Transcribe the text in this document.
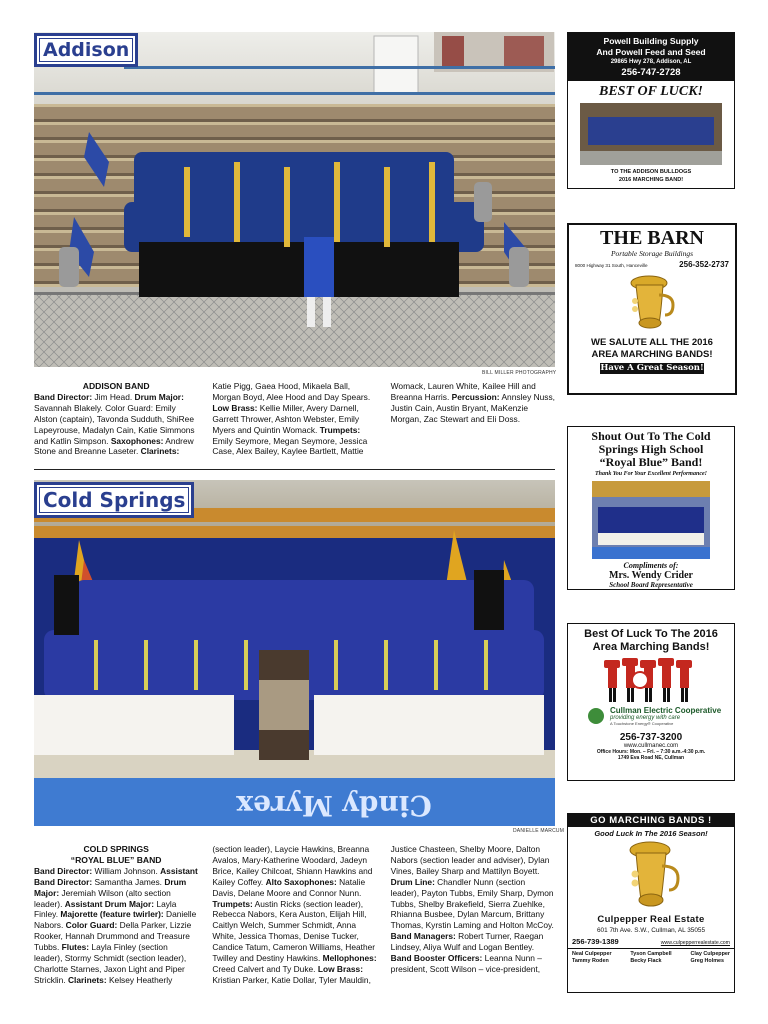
Addison
BILL MILLER PHOTOGRAPHY
ADDISON BAND
Band Director: Jim Head. Drum Major: Savannah Blakely. Color Guard: Emily Alston (captain), Tavonda Sudduth, ShiRee Lapeyrouse, Madalyn Cain, Katie Simmons and Katlin Simpson. Saxophones: Andrew Stone and Breanne Laseter. Clarinets: Katie Pigg, Gaea Hood, Mikaela Ball, Morgan Boyd, Alee Hood and Day Spears. Low Brass: Kellie Miller, Avery Darnell, Garrett Thrower, Ashton Webster, Emily Myers and Quintin Womack. Trumpets: Emily Seymore, Megan Seymore, Jessica Case, Alex Bailey, Kaylee Bartlett, Mattie Womack, Lauren White, Kailee Hill and Breanna Harris. Percussion: Annsley Nuss, Justin Cain, Austin Bryant, MaKenzie Morgan, Zac Stewart and Eli Doss.
Cindy Myrex
Cold Springs
DANIELLE MARCUM
COLD SPRINGS
“ROYAL BLUE” BAND
Band Director: William Johnson. Assistant Band Director: Samantha James. Drum Major: Jeremiah Wilson (alto section leader). Assistant Drum Major: Layla Finley. Majorette (feature twirler): Danielle Nabors. Color Guard: Della Parker, Lizzie Rooker, Hannah Drummond and Treasure Tubbs. Flutes: Layla Finley (section leader), Stormy Schmidt (section leader), Charlotte Starnes, Jaxon Light and Piper Stricklin. Clarinets: Kelsey Heatherly (section leader), Laycie Hawkins, Breanna Avalos, Mary-Katherine Woodard, Jadeyn Brice, Kailey Chilcoat, Shiann Hawkins and Kailey Coffey. Alto Saxophones: Natalie Davis, Delane Moore and Connor Nunn. Trumpets: Austin Ricks (section leader), Rebecca Nabors, Kera Auston, Elijah Hill, Caitlyn Welch, Summer Schmidt, Anna White, Jessica Thomas, Denise Tucker, Candice Tatum, Cameron Williams, Heather Twilley and Destiny Hawkins. Mellophones: Creed Calvert and Ty Duke. Low Brass: Kristian Parker, Katie Dollar, Tyler Mauldin, Justice Chasteen, Shelby Moore, Dalton Nabors (section leader and adviser), Dylan Vines, Bailey Sharp and Mattilyn Boyett. Drum Line: Chandler Nunn (section leader), Payton Tubbs, Emily Sharp, Dymon Tubbs, Shelby Brakefield, Sierra Zuehlke, Rhianna Busbee, Dylan Marcum, Brittany Thomas, Kyrstin Laming and Holton McCoy. Band Managers: Robert Turner, Raegan Lindsey, Aliya Wulf and Logan Bentley. Band Booster Officers: Leanna Nunn – president, Scott Wilson – vice-president,
Powell Building Supply
And Powell Feed and Seed
29865 Hwy 278, Addison, AL
256-747-2728
BEST OF LUCK!
TO THE ADDISON BULLDOGS
2016 MARCHING BAND!
THE BARN
Portable Storage Buildings
8000 Highway 31 South, Hanceville	256-352-2737
WE SALUTE ALL THE 2016
AREA MARCHING BANDS!
Have A Great Season!
Shout Out To The Cold
Springs High School
“Royal Blue” Band!
Thank You For Your Excellent Performance!
Compliments of:
Mrs. Wendy Crider
School Board Representative
Best Of Luck To The 2016
Area Marching Bands!
Cullman Electric Cooperative
providing energy with care
A Touchstone Energy® Cooperative
256-737-3200
www.cullmanec.com
Office Hours: Mon. – Fri. – 7:30 a.m.-4:30 p.m.
1749 Eva Road NE, Cullman
GO MARCHING BANDS !
Good Luck In The 2016 Season!
Culpepper Real Estate
601 7th Ave. S.W., Cullman, AL 35055
256-739-1389	www.culpepperrealestate.com
Neal Culpepper
Tammy Roden
Tyson Campbell
Becky Flack
Clay Culpepper
Greg Holmes
